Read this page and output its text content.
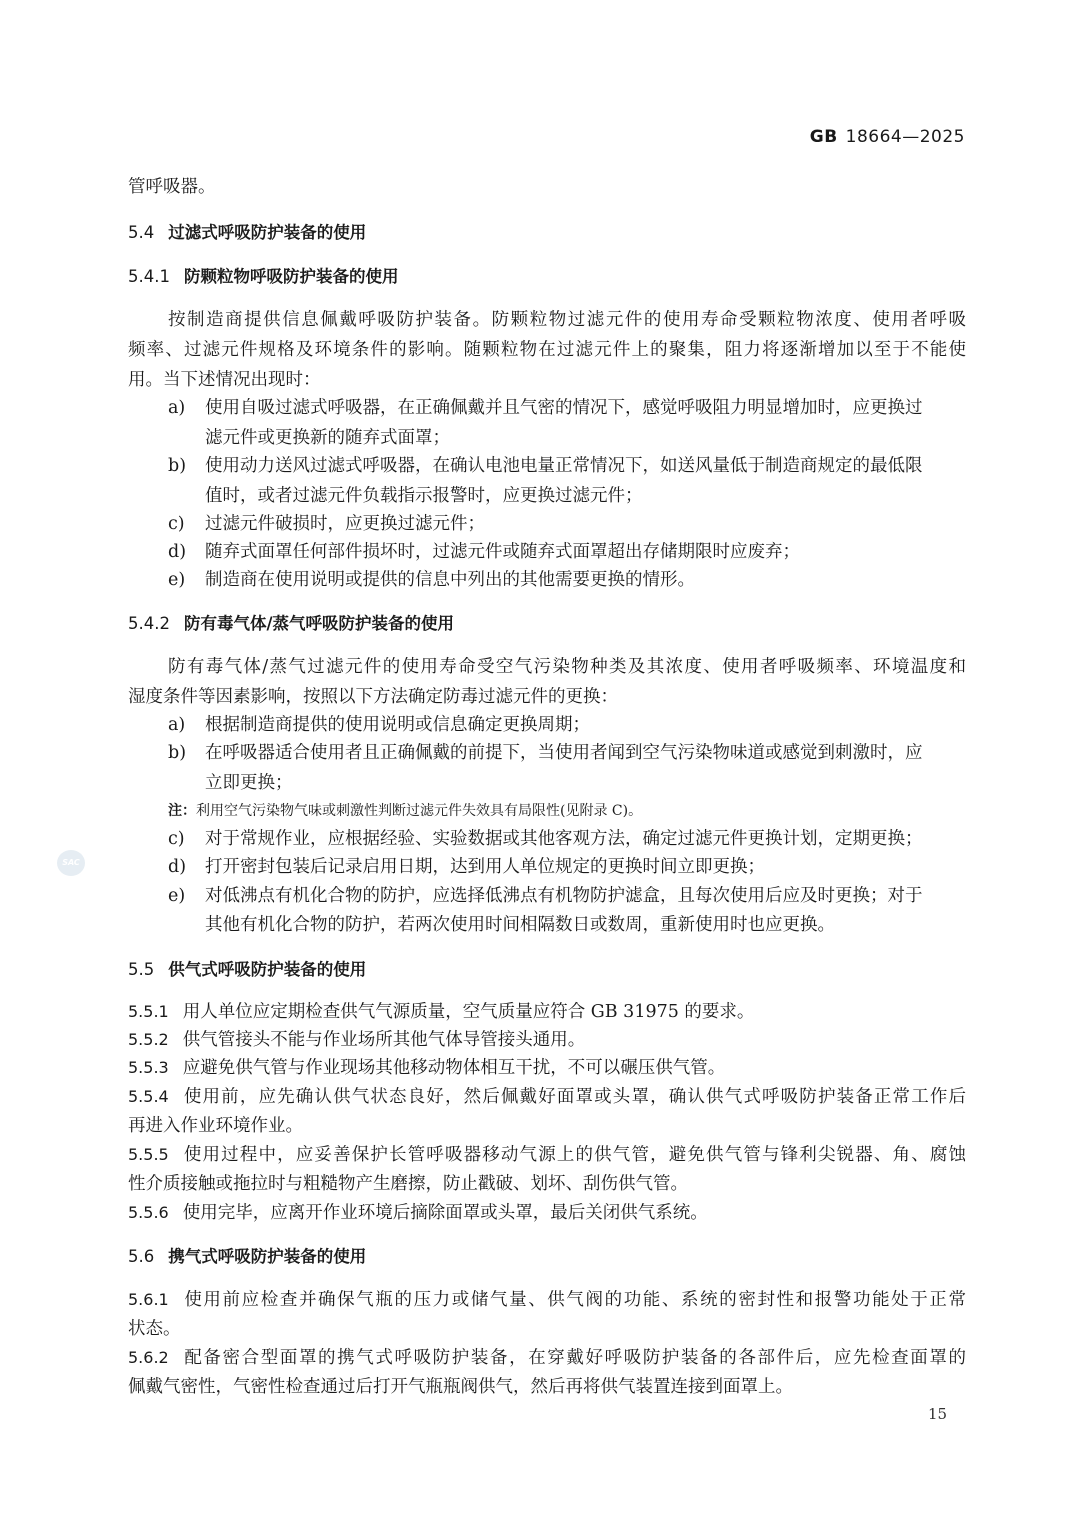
GB 18664—2025
SAC
管呼吸器。
5.4 过滤式呼吸防护装备的使用
5.4.1 防颗粒物呼吸防护装备的使用
按制造商提供信息佩戴呼吸防护装备。防颗粒物过滤元件的使用寿命受颗粒物浓度、使用者呼吸
频率、过滤元件规格及环境条件的影响。随颗粒物在过滤元件上的聚集，阻力将逐渐增加以至于不能使
用。当下述情况出现时：
a) 使用自吸过滤式呼吸器，在正确佩戴并且气密的情况下，感觉呼吸阻力明显增加时，应更换过
滤元件或更换新的随弃式面罩；
b) 使用动力送风过滤式呼吸器，在确认电池电量正常情况下，如送风量低于制造商规定的最低限
值时，或者过滤元件负载指示报警时，应更换过滤元件；
c) 过滤元件破损时，应更换过滤元件；
d) 随弃式面罩任何部件损坏时，过滤元件或随弃式面罩超出存储期限时应废弃；
e) 制造商在使用说明或提供的信息中列出的其他需要更换的情形。
5.4.2 防有毒气体/蒸气呼吸防护装备的使用
防有毒气体/蒸气过滤元件的使用寿命受空气污染物种类及其浓度、使用者呼吸频率、环境温度和
湿度条件等因素影响，按照以下方法确定防毒过滤元件的更换：
a) 根据制造商提供的使用说明或信息确定更换周期；
b) 在呼吸器适合使用者且正确佩戴的前提下，当使用者闻到空气污染物味道或感觉到刺激时，应
立即更换；
注：利用空气污染物气味或刺激性判断过滤元件失效具有局限性(见附录 C)。
c) 对于常规作业，应根据经验、实验数据或其他客观方法，确定过滤元件更换计划，定期更换；
d) 打开密封包装后记录启用日期，达到用人单位规定的更换时间立即更换；
e) 对低沸点有机化合物的防护，应选择低沸点有机物防护滤盒，且每次使用后应及时更换；对于
其他有机化合物的防护，若两次使用时间相隔数日或数周，重新使用时也应更换。
5.5 供气式呼吸防护装备的使用
5.5.1 用人单位应定期检查供气气源质量，空气质量应符合 GB 31975 的要求。
5.5.2 供气管接头不能与作业场所其他气体导管接头通用。
5.5.3 应避免供气管与作业现场其他移动物体相互干扰，不可以碾压供气管。
5.5.4 使用前，应先确认供气状态良好，然后佩戴好面罩或头罩，确认供气式呼吸防护装备正常工作后
再进入作业环境作业。
5.5.5 使用过程中，应妥善保护长管呼吸器移动气源上的供气管，避免供气管与锋利尖锐器、角、腐蚀
性介质接触或拖拉时与粗糙物产生磨擦，防止戳破、划坏、刮伤供气管。
5.5.6 使用完毕，应离开作业环境后摘除面罩或头罩，最后关闭供气系统。
5.6 携气式呼吸防护装备的使用
5.6.1 使用前应检查并确保气瓶的压力或储气量、供气阀的功能、系统的密封性和报警功能处于正常
状态。
5.6.2 配备密合型面罩的携气式呼吸防护装备，在穿戴好呼吸防护装备的各部件后，应先检查面罩的
佩戴气密性，气密性检查通过后打开气瓶瓶阀供气，然后再将供气装置连接到面罩上。
15
